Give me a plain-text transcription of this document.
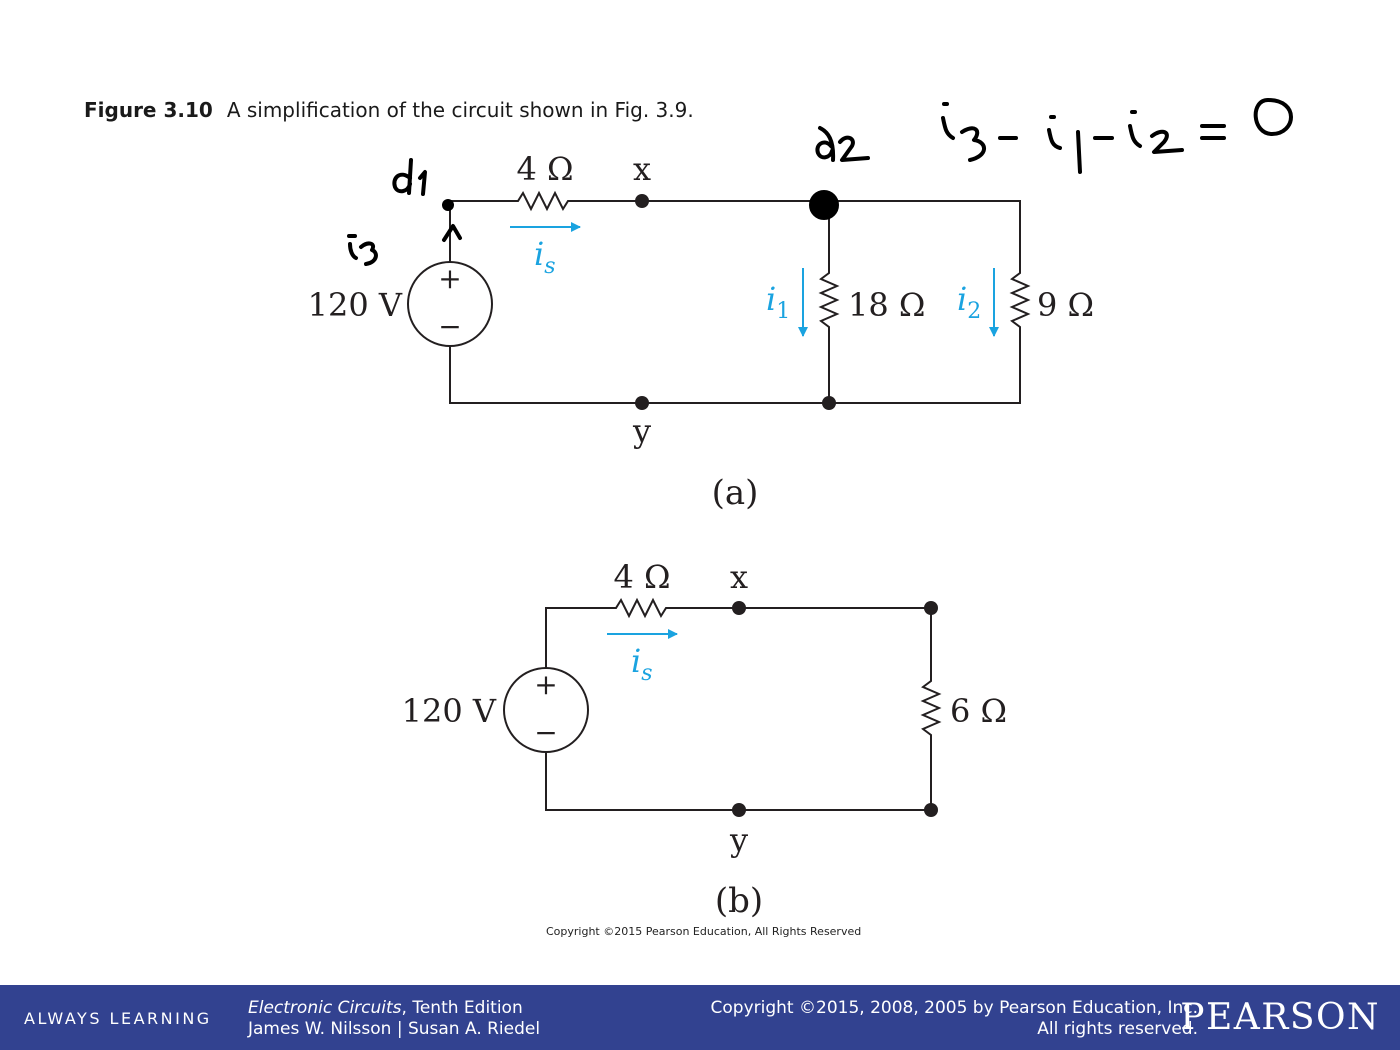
Figure 3.10 A simplification of the circuit shown in Fig. 3.9.
+
−
120 V
4 Ω x
y
is
i1 18 Ω i2 9 Ω
(a)
+
−
120 V
4 Ω x
is
6 Ω
y
(b)
Copyright ©2015 Pearson Education, All Rights Reserved
ALWAYS LEARNING
Electronic Circuits, Tenth Edition
James W. Nilsson | Susan A. Riedel
Copyright ©2015, 2008, 2005 by Pearson Education, Inc.
All rights reserved.
PEARSON
